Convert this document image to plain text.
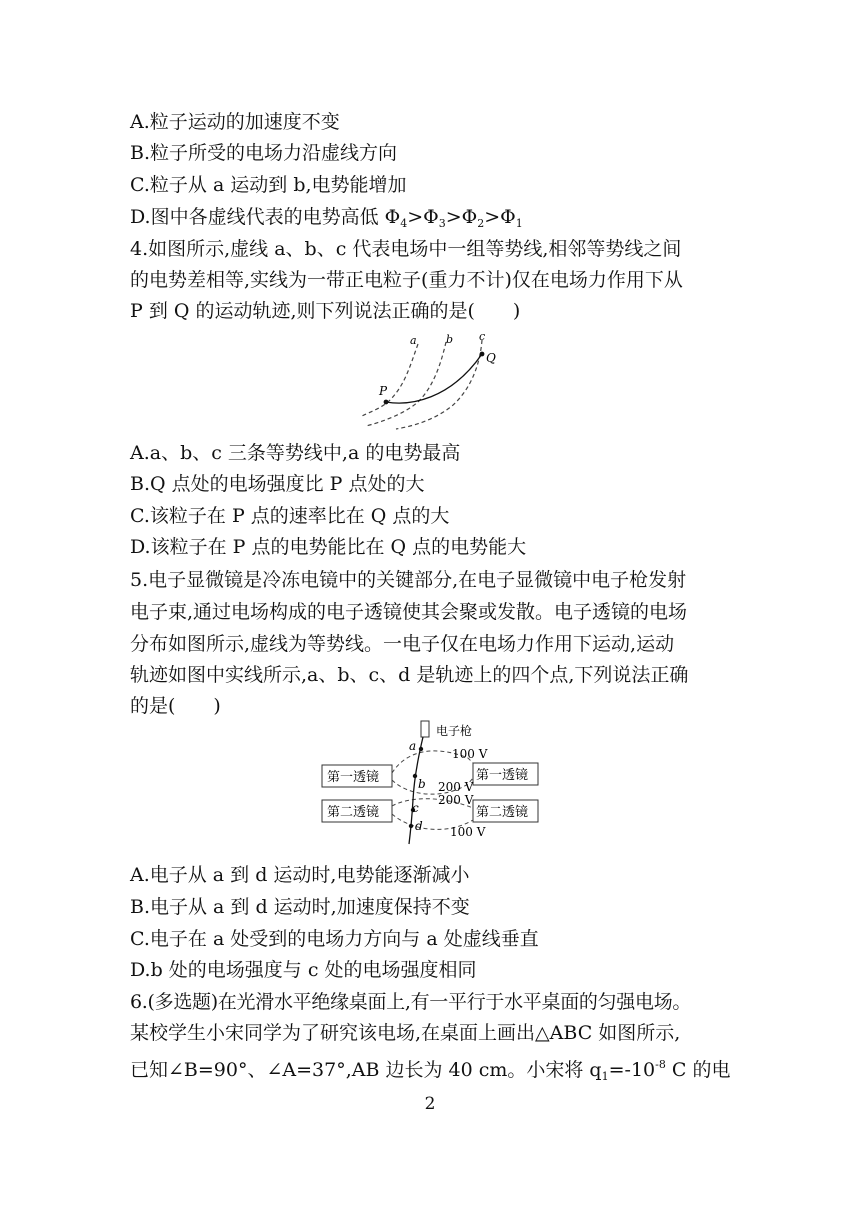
A.粒子运动的加速度不变
B.粒子所受的电场力沿虚线方向
C.粒子从 a 运动到 b,电势能增加
D.图中各虚线代表的电势高低 $\Phi_4>\Phi_3>\Phi_2>\Phi_1$
4.如图所示,虚线 a、b、c 代表电场中一组等势线,相邻等势线之间
的电势差相等,实线为一带正电粒子(重力不计)仅在电场力作用下从
P 到 Q 的运动轨迹,则下列说法正确的是(　　)
a	b c
P
Q
A.a、b、c 三条等势线中,a 的电势最高
B.Q 点处的电场强度比 P 点处的大
C.该粒子在 P 点的速率比在 Q 点的大
D.该粒子在 P 点的电势能比在 Q 点的电势能大
5.电子显微镜是冷冻电镜中的关键部分,在电子显微镜中电子枪发射
电子束,通过电场构成的电子透镜使其会聚或发散。电子透镜的电场
分布如图所示,虚线为等势线。一电子仅在电场力作用下运动,运动
轨迹如图中实线所示,a、b、c、d 是轨迹上的四个点,下列说法正确
的是(　　)
电子枪
第一透镜	第一透镜
第二透镜	第二透镜
a
b
c
d
100 V
200 V
200 V
100 V
A.电子从 a 到 d 运动时,电势能逐渐减小
B.电子从 a 到 d 运动时,加速度保持不变
C.电子在 a 处受到的电场力方向与 a 处虚线垂直
D.b 处的电场强度与 c 处的电场强度相同
6.(多选题)在光滑水平绝缘桌面上,有一平行于水平桌面的匀强电场。
某校学生小宋同学为了研究该电场,在桌面上画出△ABC 如图所示,
已知∠B=90°、∠A=37°,AB 边长为 40 cm。小宋将 $q_1=-10^{-8}$ C 的电
2
